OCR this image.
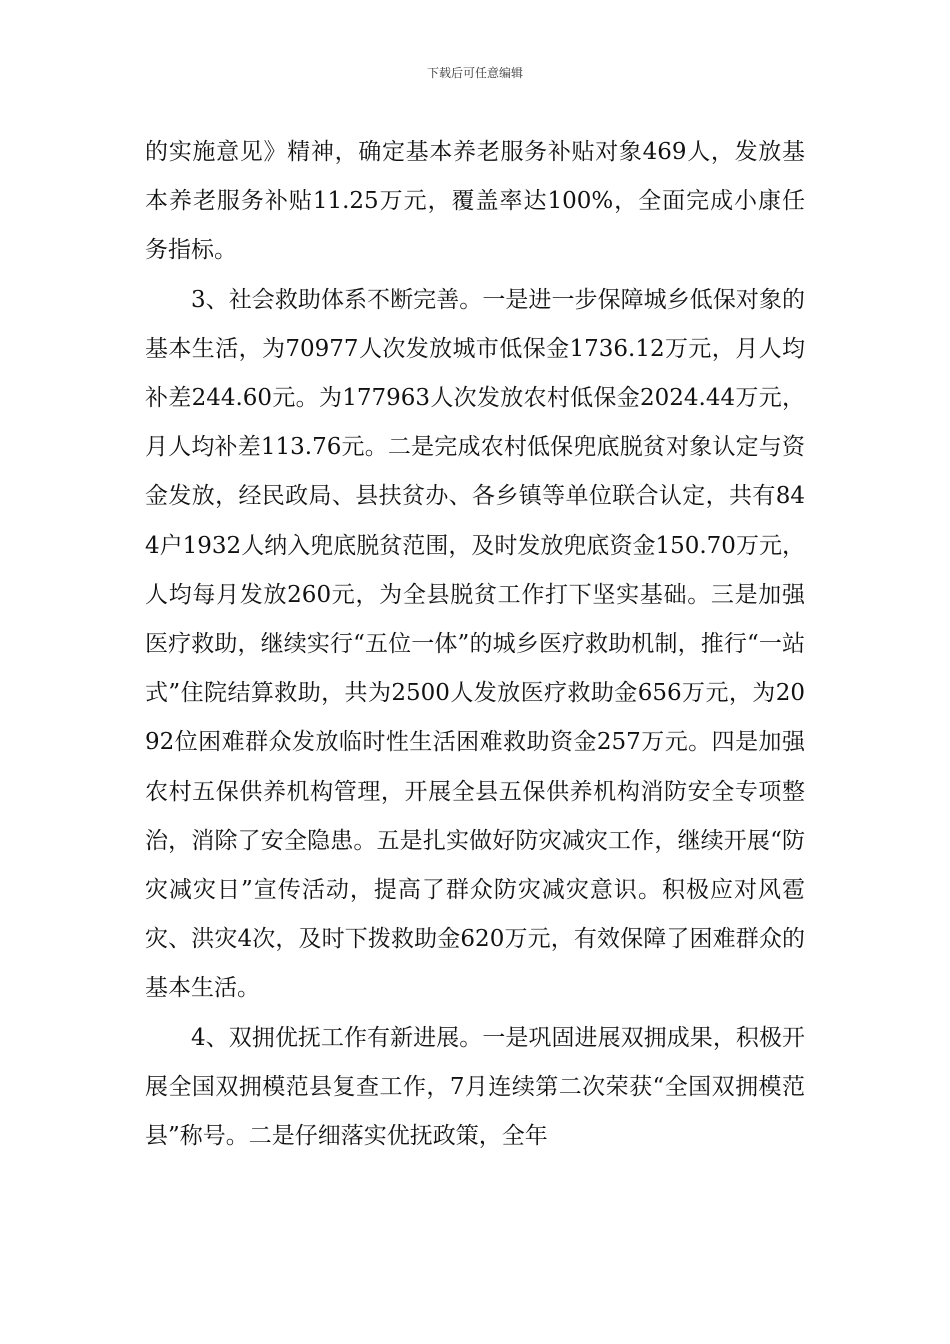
下载后可任意编辑

的实施意见》精神，确定基本养老服务补贴对象469人，发放基本养老服务补贴11.25万元，覆盖率达100%，全面完成小康任务指标。

3、社会救助体系不断完善。一是进一步保障城乡低保对象的基本生活，为70977人次发放城市低保金1736.12万元，月人均补差244.60元。为177963人次发放农村低保金2024.44万元，月人均补差113.76元。二是完成农村低保兜底脱贫对象认定与资金发放，经民政局、县扶贫办、各乡镇等单位联合认定，共有844户1932人纳入兜底脱贫范围，及时发放兜底资金150.70万元，人均每月发放260元，为全县脱贫工作打下坚实基础。三是加强医疗救助，继续实行“五位一体”的城乡医疗救助机制，推行“一站式”住院结算救助，共为2500人发放医疗救助金656万元，为2092位困难群众发放临时性生活困难救助资金257万元。四是加强农村五保供养机构管理，开展全县五保供养机构消防安全专项整治，消除了安全隐患。五是扎实做好防灾减灾工作，继续开展“防灾减灾日”宣传活动，提高了群众防灾减灾意识。积极应对风雹灾、洪灾4次，及时下拨救助金620万元，有效保障了困难群众的基本生活。

4、双拥优抚工作有新进展。一是巩固进展双拥成果，积极开展全国双拥模范县复查工作，7月连续第二次荣获“全国双拥模范县”称号。二是仔细落实优抚政策，全年
